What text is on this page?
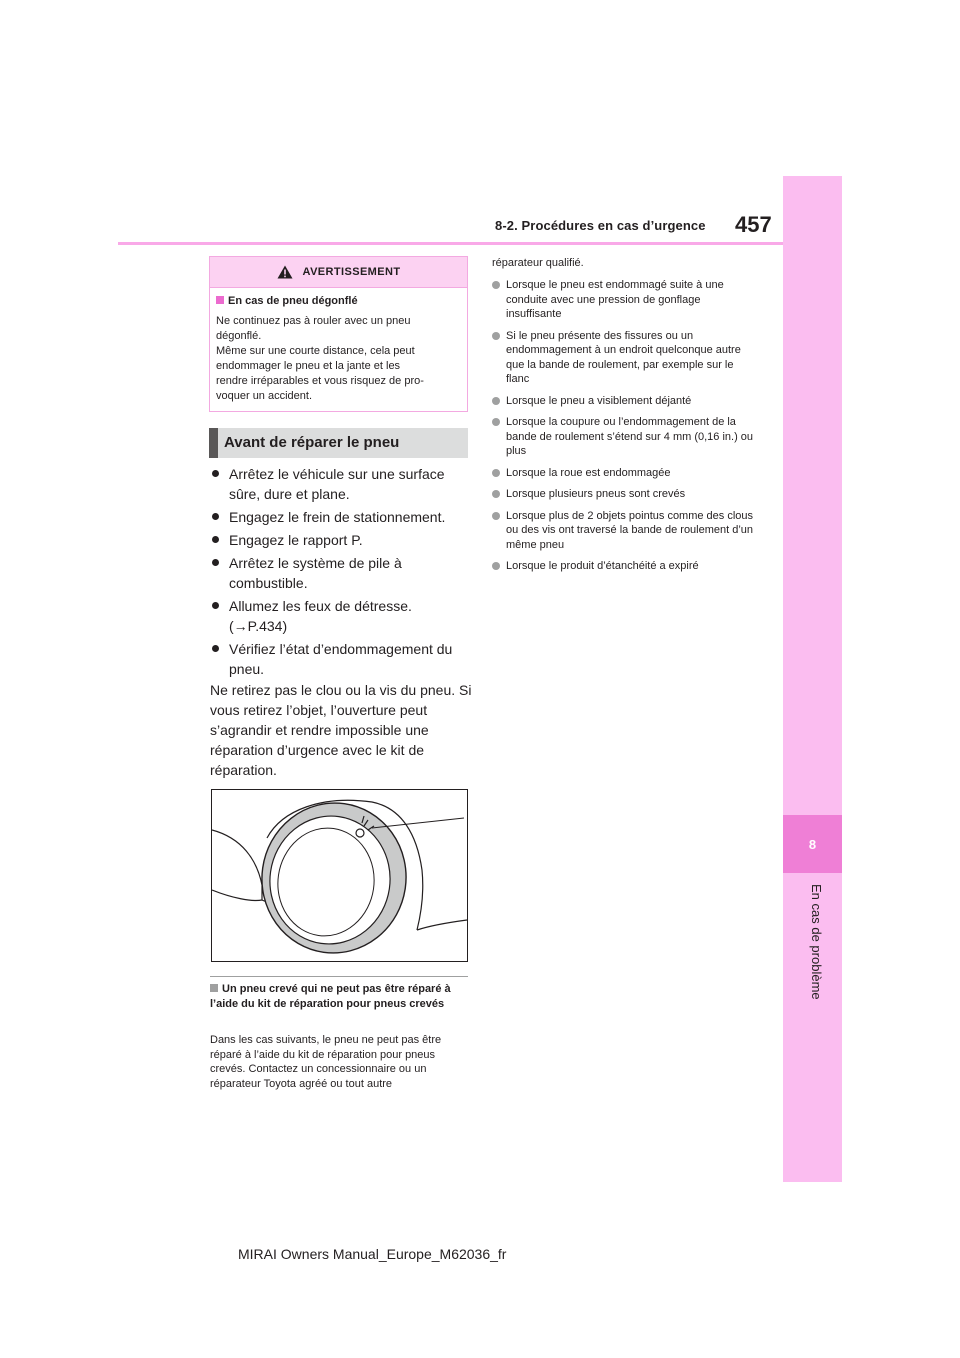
8-2. Procédures en cas d’urgence 457
8
En cas de problème
AVERTISSEMENT
En cas de pneu dégonflé
Ne continuez pas à rouler avec un pneu
dégonflé.
Même sur une courte distance, cela peut
endommager le pneu et la jante et les
rendre irréparables et vous risquez de pro-
voquer un accident.
Avant de réparer le pneu
Arrêtez le véhicule sur une surface sûre, dure et plane.
Engagez le frein de stationnement.
Engagez le rapport P.
Arrêtez le système de pile à combustible.
Allumez les feux de détresse. (→P.434)
Vérifiez l’état d’endommagement du pneu.
Ne retirez pas le clou ou la vis du pneu. Si vous retirez l’objet, l’ouverture peut s’agrandir et rendre impossible une réparation d’urgence avec le kit de réparation.
Un pneu crevé qui ne peut pas être réparé à l’aide du kit de réparation pour pneus crevés
Dans les cas suivants, le pneu ne peut pas être réparé à l’aide du kit de réparation pour pneus crevés. Contactez un concessionnaire ou un réparateur Toyota agréé ou tout autre
réparateur qualifié.
Lorsque le pneu est endommagé suite à une conduite avec une pression de gonflage insuffisante
Si le pneu présente des fissures ou un endommagement à un endroit quelconque autre que la bande de roulement, par exemple sur le flanc
Lorsque le pneu a visiblement déjanté
Lorsque la coupure ou l’endommagement de la bande de roulement s’étend sur 4 mm (0,16 in.) ou plus
Lorsque la roue est endommagée
Lorsque plusieurs pneus sont crevés
Lorsque plus de 2 objets pointus comme des clous ou des vis ont traversé la bande de roulement d’un même pneu
Lorsque le produit d’étanchéité a expiré
MIRAI Owners Manual_Europe_M62036_fr
